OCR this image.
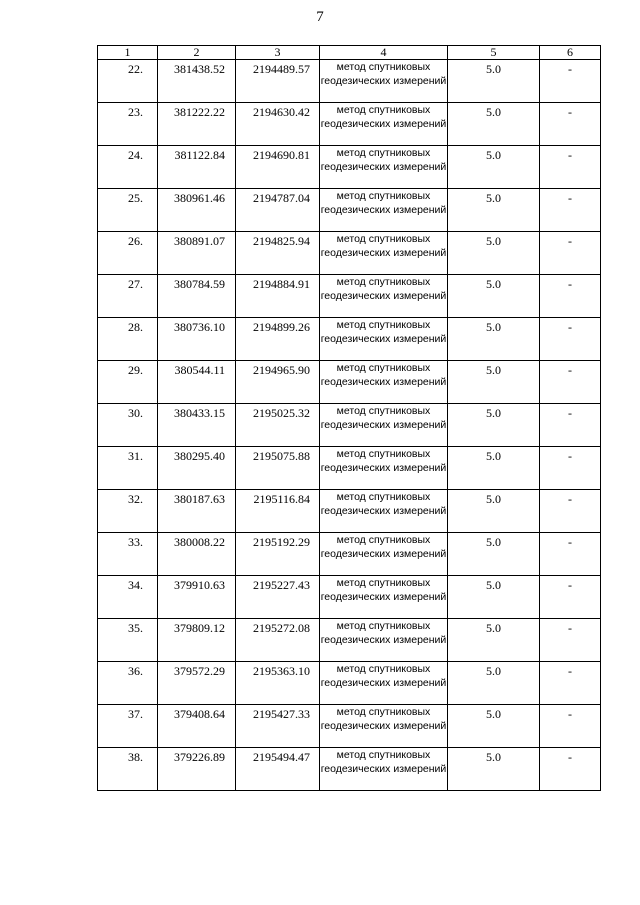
7
1	2	3	4	5	6
22.	381438.52	2194489.57	метод спутниковых геодезических измерений	5.0	-
23.	381222.22	2194630.42	метод спутниковых геодезических измерений	5.0	-
24.	381122.84	2194690.81	метод спутниковых геодезических измерений	5.0	-
25.	380961.46	2194787.04	метод спутниковых геодезических измерений	5.0	-
26.	380891.07	2194825.94	метод спутниковых геодезических измерений	5.0	-
27.	380784.59	2194884.91	метод спутниковых геодезических измерений	5.0	-
28.	380736.10	2194899.26	метод спутниковых геодезических измерений	5.0	-
29.	380544.11	2194965.90	метод спутниковых геодезических измерений	5.0	-
30.	380433.15	2195025.32	метод спутниковых геодезических измерений	5.0	-
31.	380295.40	2195075.88	метод спутниковых геодезических измерений	5.0	-
32.	380187.63	2195116.84	метод спутниковых геодезических измерений	5.0	-
33.	380008.22	2195192.29	метод спутниковых геодезических измерений	5.0	-
34.	379910.63	2195227.43	метод спутниковых геодезических измерений	5.0	-
35.	379809.12	2195272.08	метод спутниковых геодезических измерений	5.0	-
36.	379572.29	2195363.10	метод спутниковых геодезических измерений	5.0	-
37.	379408.64	2195427.33	метод спутниковых геодезических измерений	5.0	-
38.	379226.89	2195494.47	метод спутниковых геодезических измерений	5.0	-
